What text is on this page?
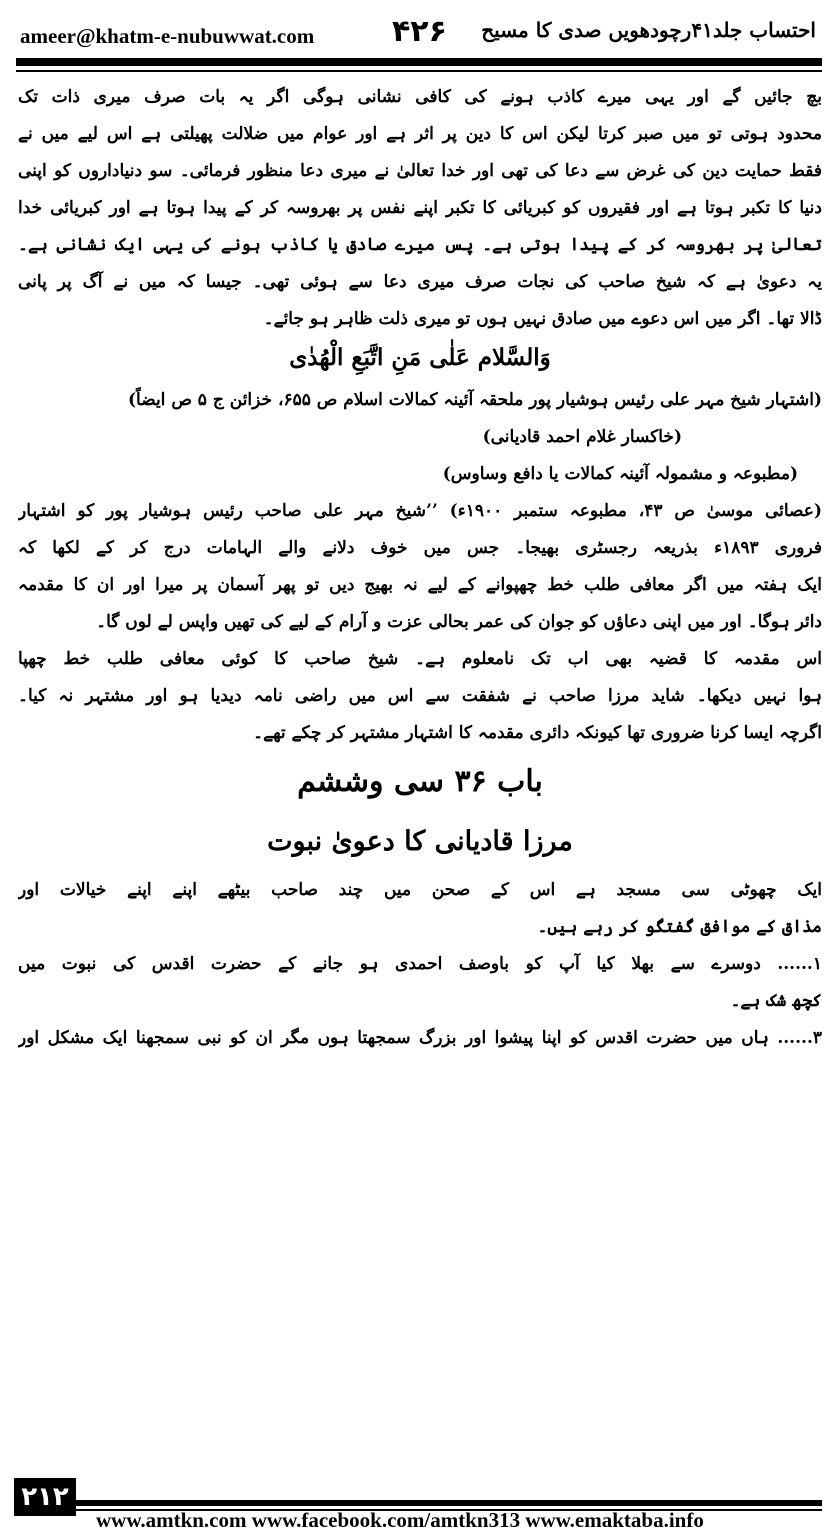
ameer@khatm-e-nubuwwat.com	۴۲۶ احتساب جلد۴۱رچودھویں صدی کا مسیح
بچ جائیں گے اور یہی میرے کاذب ہونے کی کافی نشانی ہوگی اگر یہ بات صرف میری ذات تک
محدود ہوتی تو میں صبر کرتا لیکن اس کا دین پر اثر ہے اور عوام میں ضلالت پھیلتی ہے اس لیے میں نے
فقط حمایت دین کی غرض سے دعا کی تھی اور خدا تعالیٰ نے میری دعا منظور فرمائی۔ سو دنیاداروں کو اپنی
دنیا کا تکبر ہوتا ہے اور فقیروں کو کبریائی کا تکبر اپنے نفس پر بھروسہ کر کے پیدا ہوتا ہے اور کبریائی خدا
تعالیٰ پر بھروسہ کر کے پیدا ہوتی ہے۔ پس میرے صادق یا کاذب ہونے کی یہی ایک نشانی ہے۔
یہ دعویٰ ہے کہ شیخ صاحب کی نجات صرف میری دعا سے ہوئی تھی۔ جیسا کہ میں نے آگ پر پانی
ڈالا تھا۔ اگر میں اس دعوے میں صادق نہیں ہوں تو میری ذلت ظاہر ہو جائے۔
وَالسَّلام عَلٰی مَنِ اتَّبَعِ الْھُدٰی
(اشتہار شیخ مہر علی رئیس ہوشیار پور ملحقہ آئینہ کمالات اسلام ص ۶۵۵، خزائن ج ۵ ص ایضاً)
(خاکسار غلام احمد قادیانی)
(مطبوعہ و مشمولہ آئینہ کمالات یا دافع وساوس)
(عصائی موسیٰ ص ۴۳، مطبوعہ ستمبر ۱۹۰۰ء) ’’شیخ مہر علی صاحب رئیس ہوشیار پور کو اشتہار
فروری ۱۸۹۳ء بذریعہ رجسٹری بھیجا۔ جس میں خوف دلانے والے الہامات درج کر کے لکھا کہ
ایک ہفتہ میں اگر معافی طلب خط چھپوانے کے لیے نہ بھیج دیں تو پھر آسمان پر میرا اور ان کا مقدمہ
دائر ہوگا۔ اور میں اپنی دعاؤں کو جوان کی عمر بحالی عزت و آرام کے لیے کی تھیں واپس لے لوں گا۔
اس مقدمہ کا قضیہ بھی اب تک نامعلوم ہے۔ شیخ صاحب کا کوئی معافی طلب خط چھپا
ہوا نہیں دیکھا۔ شاید مرزا صاحب نے شفقت سے اس میں راضی نامہ دیدیا ہو اور مشتہر نہ کیا۔
اگرچہ ایسا کرنا ضروری تھا کیونکہ دائری مقدمہ کا اشتہار مشتہر کر چکے تھے۔
باب ۳۶ سی وششم
مرزا قادیانی کا دعویٰ نبوت
ایک چھوٹی سی مسجد ہے اس کے صحن میں چند صاحب بیٹھے اپنے اپنے خیالات اور
مذاق کے موافق گفتگو کر رہے ہیں۔
۱...... دوسرے سے بھلا کیا آپ کو باوصف احمدی ہو جانے کے حضرت اقدس کی نبوت میں
کچھ شک ہے۔
۳...... ہاں میں حضرت اقدس کو اپنا پیشوا اور بزرگ سمجھتا ہوں مگر ان کو نبی سمجھنا ایک مشکل اور
۲۱۲
www.amtkn.com www.facebook.com/amtkn313 www.emaktaba.info
